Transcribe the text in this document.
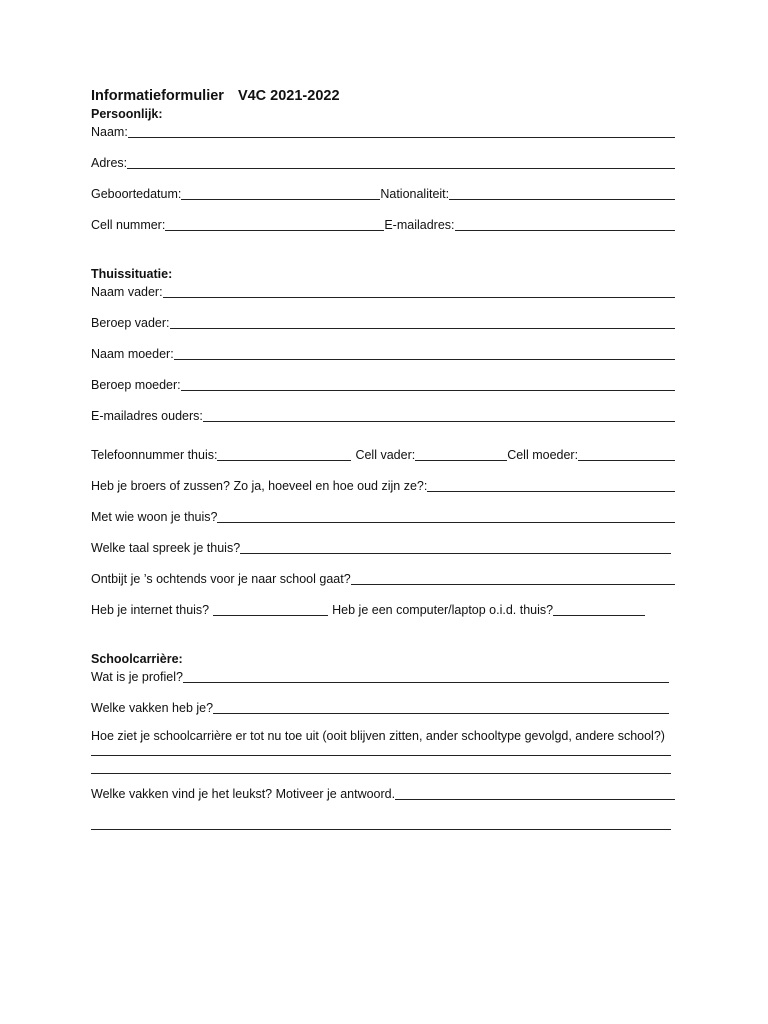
Informatieformulier V4C 2021-2022
Persoonlijk:
Naam:
Adres:
Geboortedatum:	Nationaliteit:
Cell nummer:	E-mailadres:
Thuissituatie:
Naam vader:
Beroep vader:
Naam moeder:
Beroep moeder:
E-mailadres ouders:
Telefoonnummer thuis:	Cell vader:	Cell moeder:
Heb je broers of zussen? Zo ja, hoeveel en hoe oud zijn ze?:
Met wie woon je thuis?
Welke taal spreek je thuis?
Ontbijt je ’s ochtends voor je naar school gaat?
Heb je internet thuis?	Heb je een computer/laptop o.i.d. thuis?
Schoolcarrière:
Wat is je profiel?
Welke vakken heb je?
Hoe ziet je schoolcarrière er tot nu toe uit (ooit blijven zitten, ander schooltype gevolgd, andere school?)
Welke vakken vind je het leukst? Motiveer je antwoord.
